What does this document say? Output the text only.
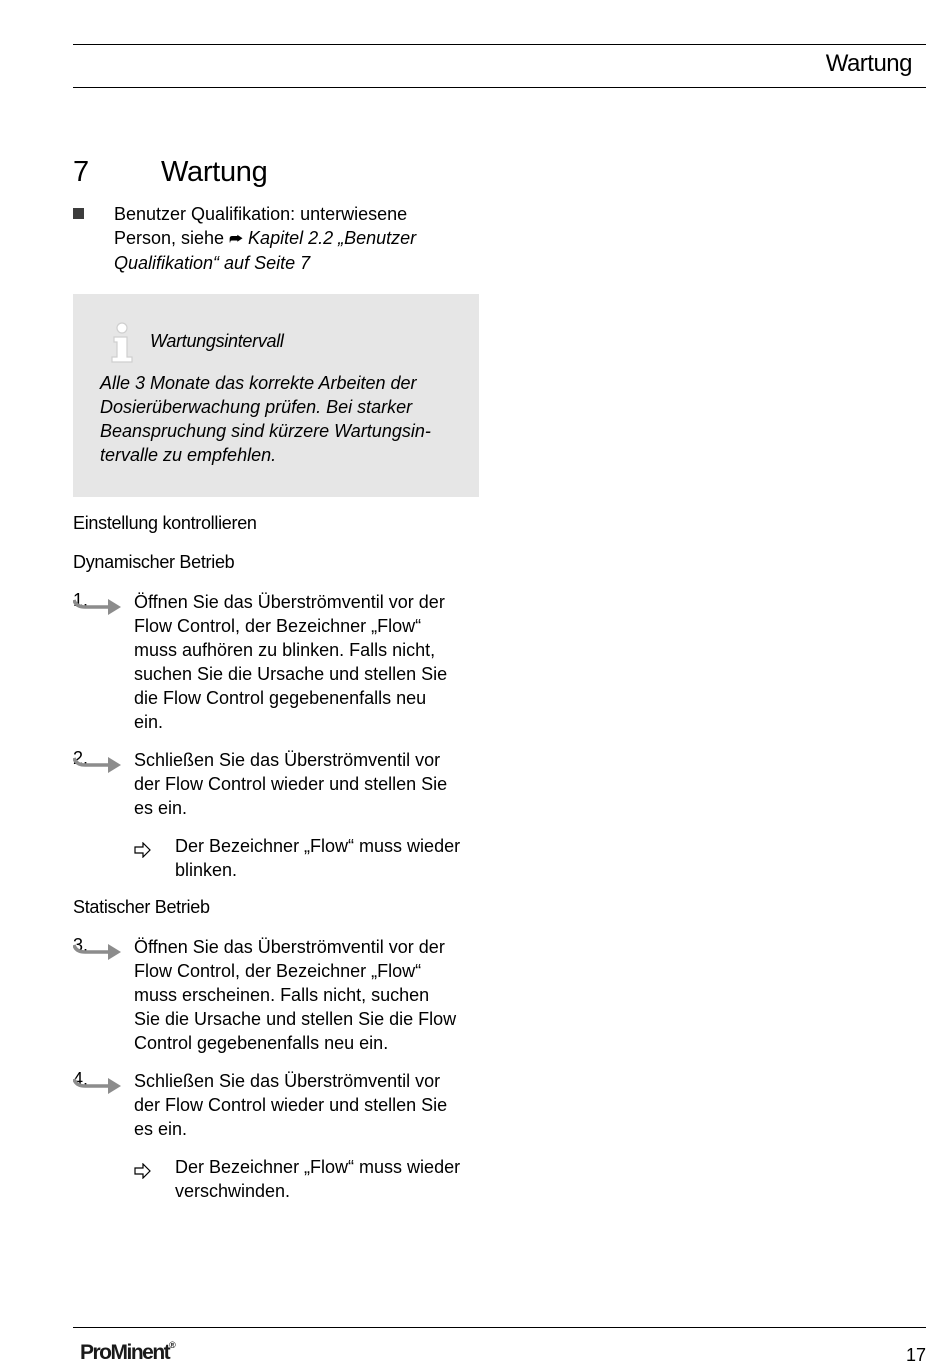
Wartung
7 Wartung
Benutzer Qualifikation: unterwiesene
Person, siehe ⮫ Kapitel 2.2 „Benutzer
Qualifikation“ auf Seite 7
Wartungsintervall
Alle 3 Monate das korrekte Arbeiten der
Dosierüberwachung prüfen. Bei starker
Beanspruchung sind kürzere Wartungsin-
tervalle zu empfehlen.
Einstellung kontrollieren
Dynamischer Betrieb
1.	Öffnen Sie das Überströmventil vor der
Flow Control, der Bezeichner „Flow“
muss aufhören zu blinken. Falls nicht,
suchen Sie die Ursache und stellen Sie
die Flow Control gegebenenfalls neu
ein.
2.	Schließen Sie das Überströmventil vor
der Flow Control wieder und stellen Sie
es ein.
Der Bezeichner „Flow“ muss wieder
blinken.
Statischer Betrieb
3.	Öffnen Sie das Überströmventil vor der
Flow Control, der Bezeichner „Flow“
muss erscheinen. Falls nicht, suchen
Sie die Ursache und stellen Sie die Flow
Control gegebenenfalls neu ein.
4.	Schließen Sie das Überströmventil vor
der Flow Control wieder und stellen Sie
es ein.
Der Bezeichner „Flow“ muss wieder
verschwinden.
ProMinent®	17
